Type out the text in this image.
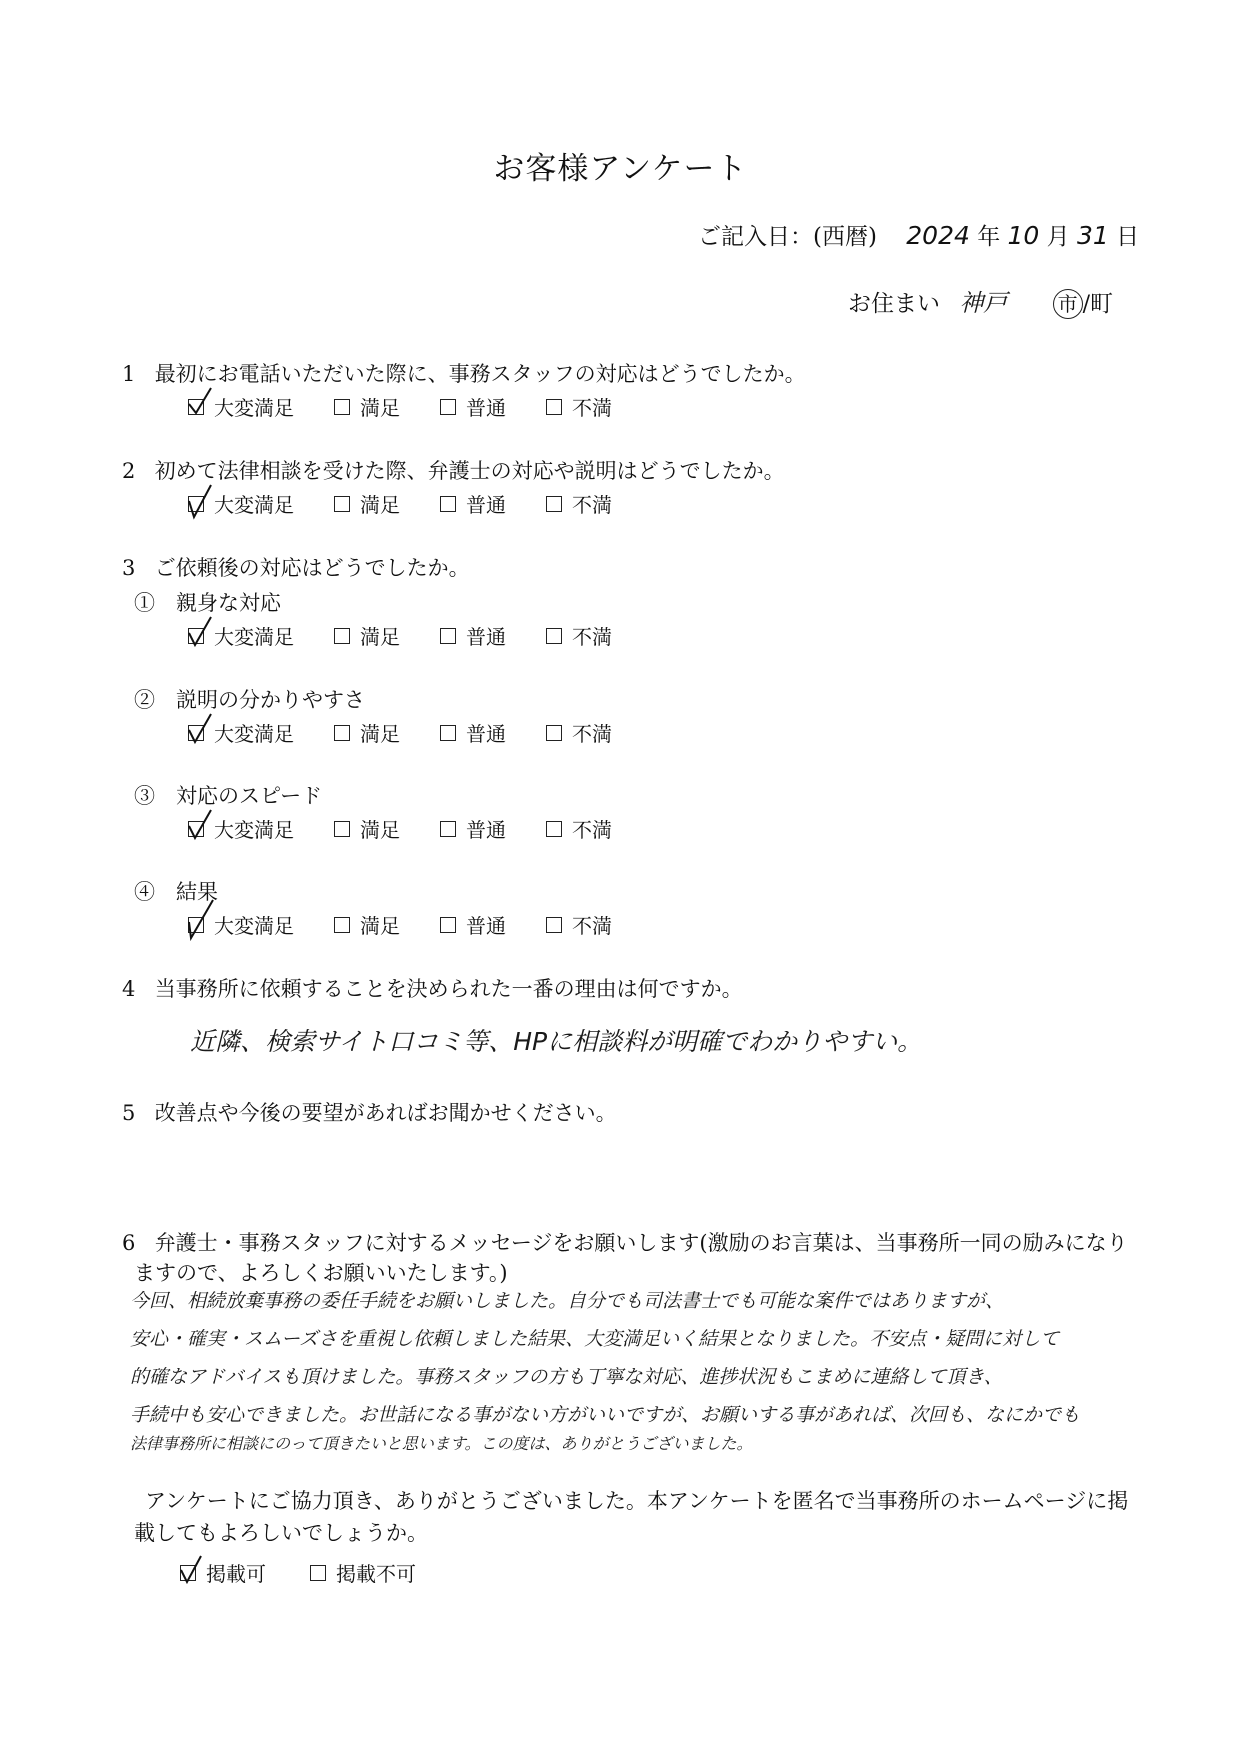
お客様アンケート
ご記入日：(西暦) 2024 年 10 月 31 日
お住まい 神戸	市 /町
1 最初にお電話いただいた際に、事務スタッフの対応はどうでしたか。
大変満足	満足	普通	不満
2 初めて法律相談を受けた際、弁護士の対応や説明はどうでしたか。
大変満足	満足	普通	不満
3 ご依頼後の対応はどうでしたか。
①　親身な対応
大変満足	満足	普通	不満
②　説明の分かりやすさ
大変満足	満足	普通	不満
③　対応のスピード
大変満足	満足	普通	不満
④　結果
大変満足	満足	普通	不満
4 当事務所に依頼することを決められた一番の理由は何ですか。
近隣、検索サイト口コミ等、HPに相談料が明確でわかりやすい。
5 改善点や今後の要望があればお聞かせください。
6 弁護士・事務スタッフに対するメッセージをお願いします(激励のお言葉は、当事務所一同の励みになり
ますので、よろしくお願いいたします。)
今回、相続放棄事務の委任手続をお願いしました。自分でも司法書士でも可能な案件ではありますが、
安心・確実・スムーズさを重視し依頼しました結果、大変満足いく結果となりました。不安点・疑問に対して
的確なアドバイスも頂けました。事務スタッフの方も丁寧な対応、進捗状況もこまめに連絡して頂き、
手続中も安心できました。お世話になる事がない方がいいですが、お願いする事があれば、次回も、なにかでも
法律事務所に相談にのって頂きたいと思います。この度は、ありがとうございました。
アンケートにご協力頂き、ありがとうございました。本アンケートを匿名で当事務所のホームページに掲
載してもよろしいでしょうか。
掲載可	掲載不可
